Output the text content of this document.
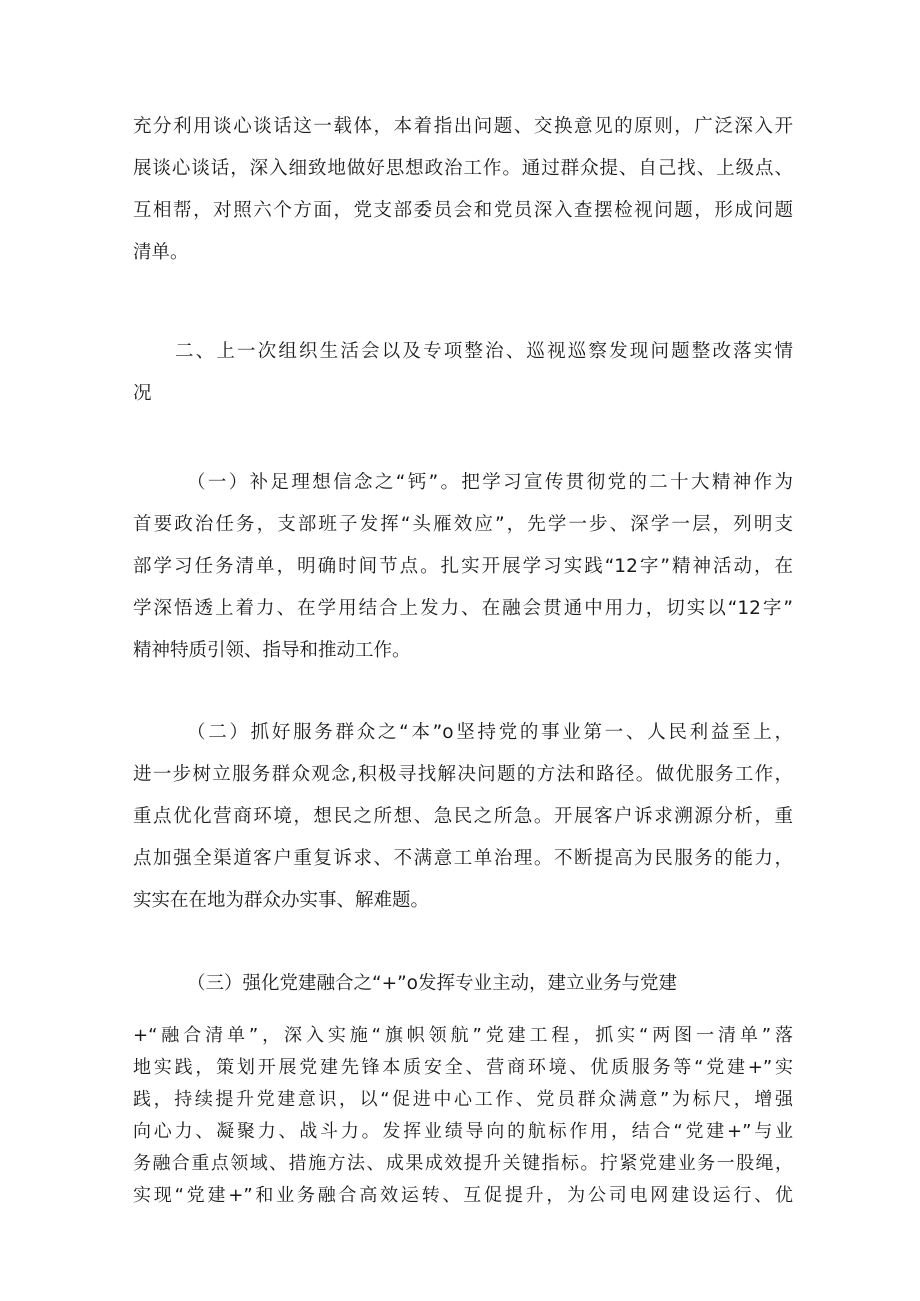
充分利用谈心谈话这一载体，本着指出问题、交换意见的原则，广泛深入开
展谈心谈话，深入细致地做好思想政治工作。通过群众提、自己找、上级点、
互相帮，对照六个方面，党支部委员会和党员深入查摆检视问题，形成问题
清单。
二、上一次组织生活会以及专项整治、巡视巡察发现问题整改落实情
况
（一）补足理想信念之“钙”。把学习宣传贯彻党的二十大精神作为
首要政治任务，支部班子发挥“头雁效应”，先学一步、深学一层，列明支
部学习任务清单，明确时间节点。扎实开展学习实践“12字”精神活动，在
学深悟透上着力、在学用结合上发力、在融会贯通中用力，切实以“12字”
精神特质引领、指导和推动工作。
（二）抓好服务群众之“本”o坚持党的事业第一、人民利益至上，
进一步树立服务群众观念,积极寻找解决问题的方法和路径。做优服务工作，
重点优化营商环境，想民之所想、急民之所急。开展客户诉求溯源分析，重
点加强全渠道客户重复诉求、不满意工单治理。不断提高为民服务的能力，
实实在在地为群众办实事、解难题。
（三）强化党建融合之“+”o发挥专业主动，建立业务与党建
+“融合清单”，深入实施“旗帜领航”党建工程，抓实“两图一清单”落
地实践，策划开展党建先锋本质安全、营商环境、优质服务等“党建+”实
践，持续提升党建意识，以“促进中心工作、党员群众满意”为标尺，增强
向心力、凝聚力、战斗力。发挥业绩导向的航标作用，结合“党建+”与业
务融合重点领域、措施方法、成果成效提升关键指标。拧紧党建业务一股绳，
实现“党建+”和业务融合高效运转、互促提升，为公司电网建设运行、优
